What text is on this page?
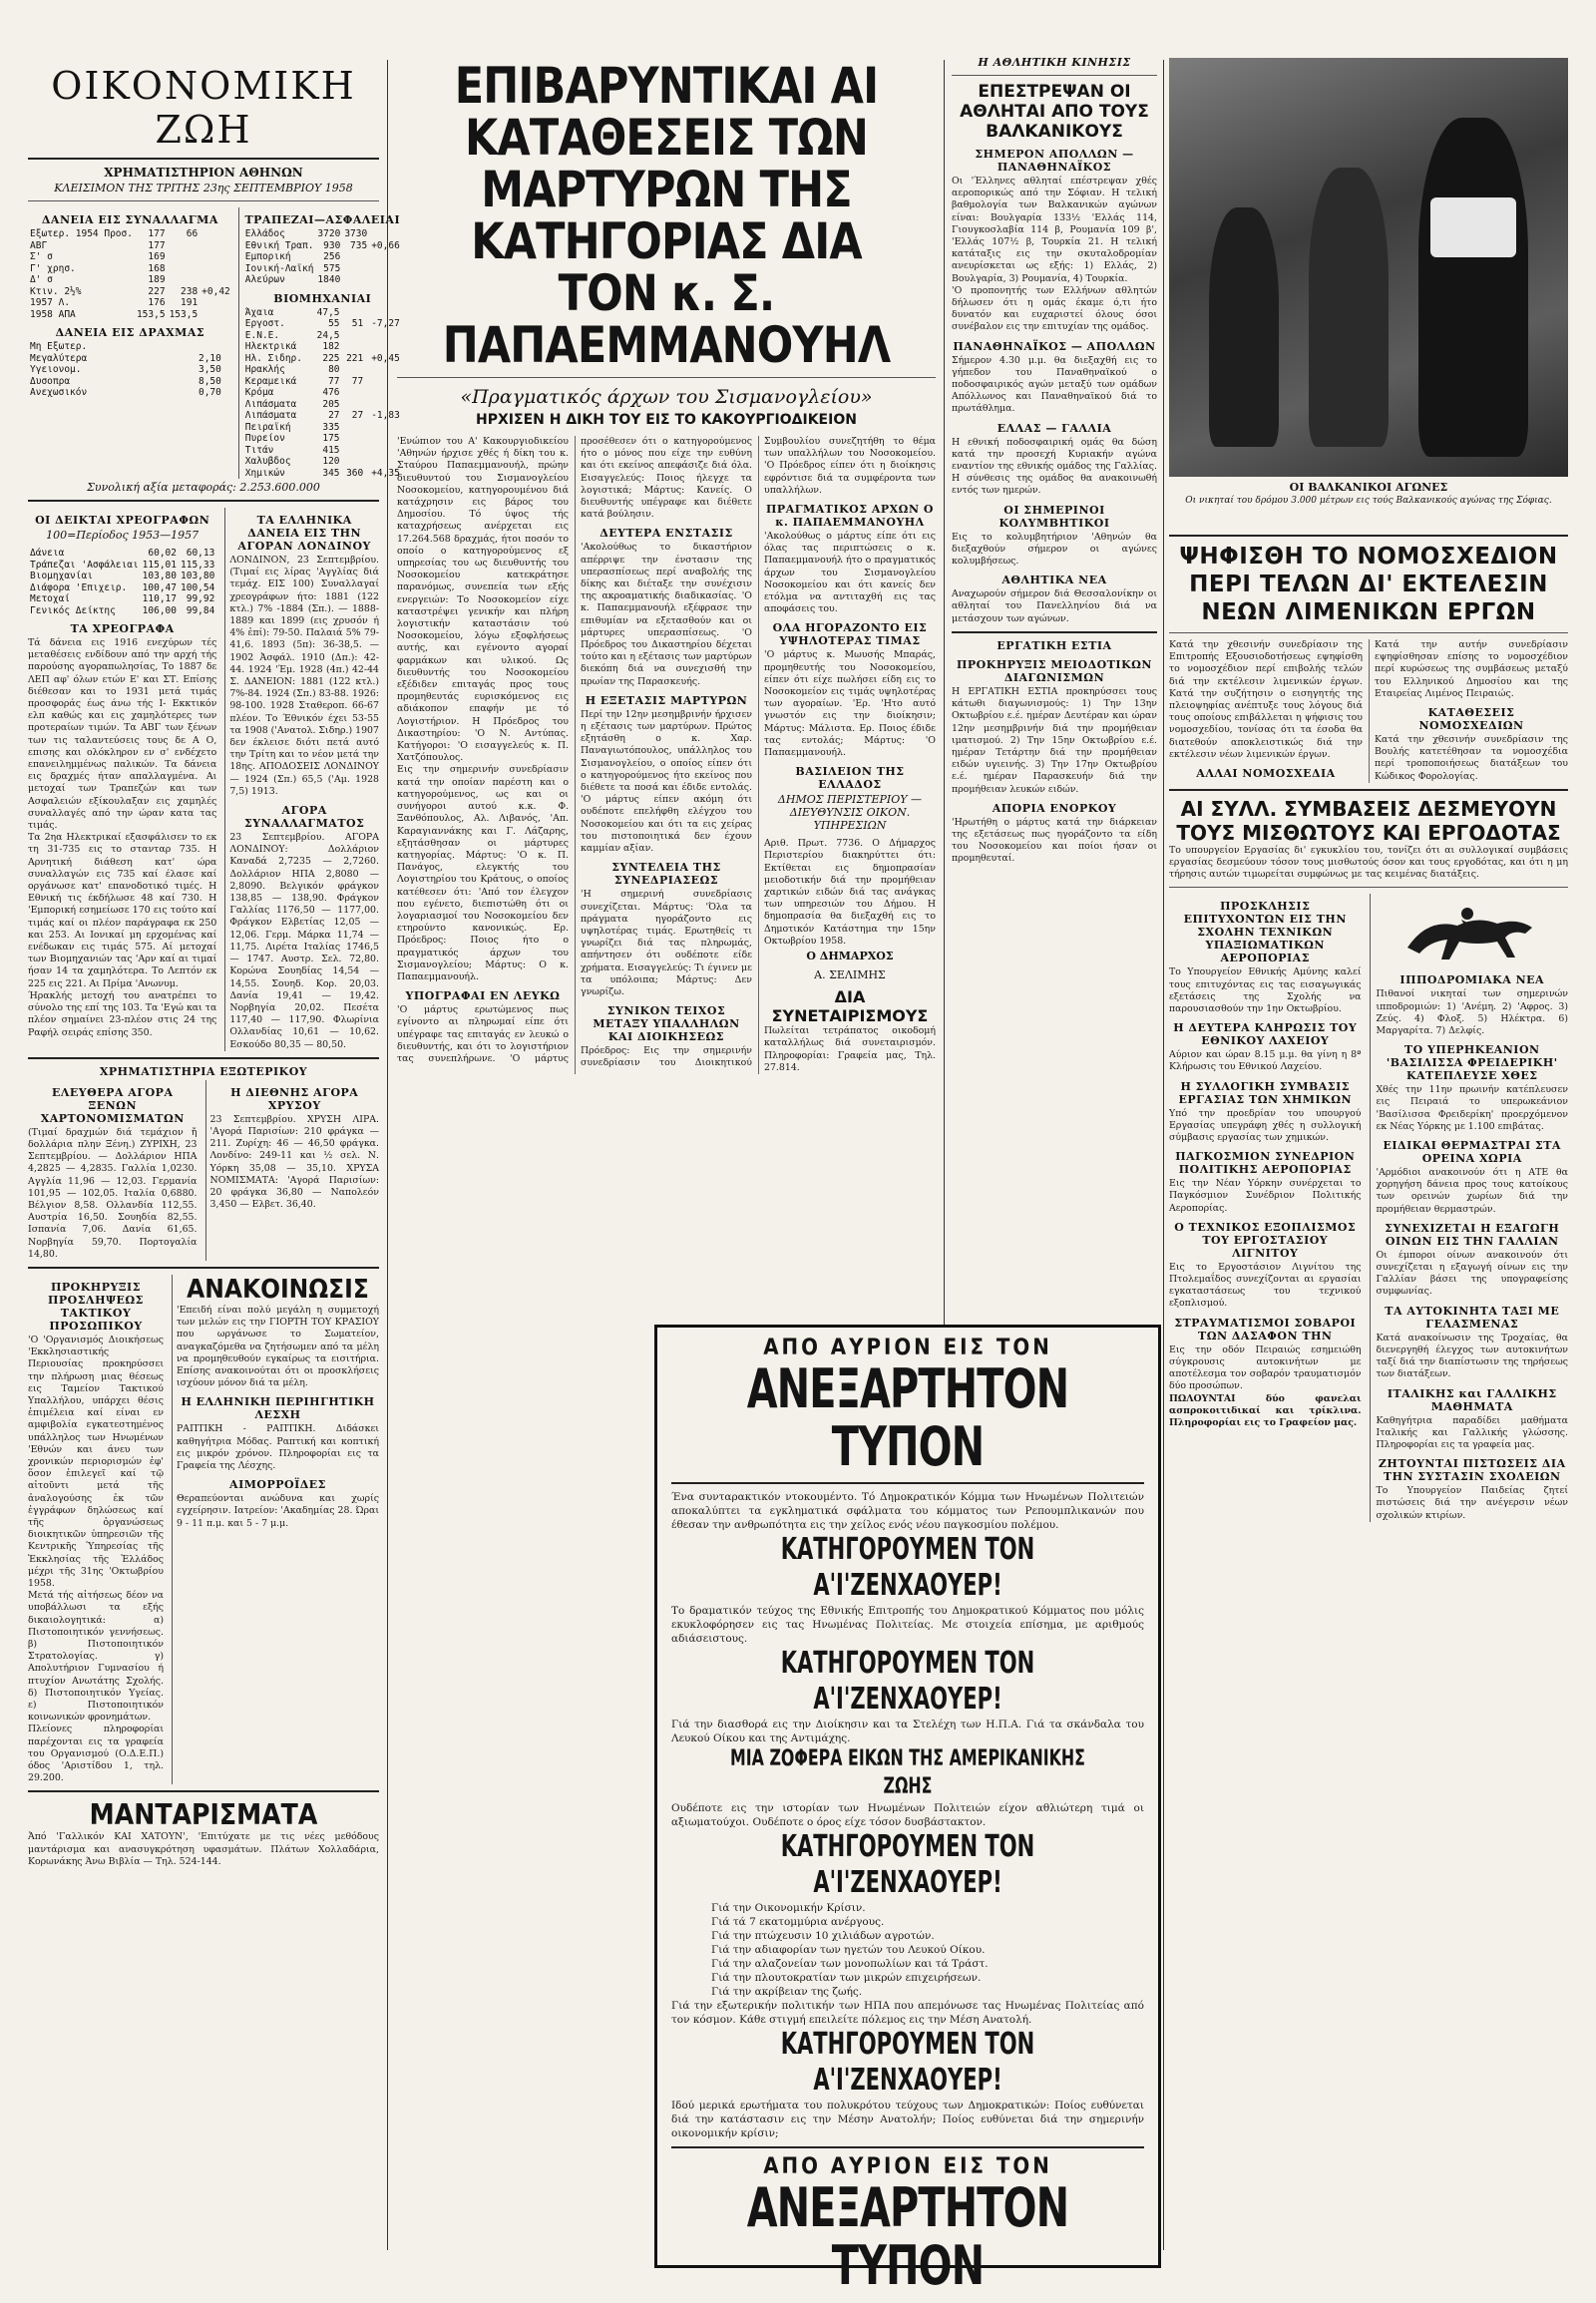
ΟΙΚΟΝΟΜΙΚΗ ΖΩΗ

ΧΡΗΜΑΤΙΣΤΗΡΙΟΝ ΑΘΗΝΩΝ

ΚΛΕΙΣΙΜΟΝ ΤΗΣ ΤΡΙΤΗΣ 23ης ΣΕΠΤΕΜΒΡΙΟΥ 1958

ΔΑΝΕΙΑ ΕΙΣ ΣΥΝΑΛΛΑΓΜΑ
Εξωτερ. 1954 Προσ.	177	66	
ΑΒΓ	177		
Σ' σ	169		
Γ' χρησ.	168		
Δ' σ	189		
Κτιν. 2½%	227	238	+0,42
1957 Λ.	176	191	
1958 ΑΠΑ	153,5	153,5	
ΔΑΝΕΙΑ ΕΙΣ ΔΡΑΧΜΑΣ
Μη Εξωτερ.		
Μεγαλύτερα	2,10	
Υγειονομ.	3,50	
Δυσοπρα	8,50	
Ανεχωσικόν	0,70	
ΤΡΑΠΕΖΑΙ—ΑΣΦΑΛΕΙΑΙ
Ελλάδος	3720	3730	
Εθνική Τραπ.	930	735	+0,66
Εμπορική	256		
Ιονική-Λαϊκή	575		
Αλεύρων	1840		
ΒΙΟΜΗΧΑΝΙΑΙ
Άχαια	47,5		
Εργοστ.	55	51	-7,27
Ε.Ν.Ε.	24,5		
Ηλεκτρικά	182		
Ηλ. Σιδηρ.	225	221	+0,45
Ηρακλής	80		
Κεραμεικά	77	77	
Κρόμα	476		
Λιπάσματα	205		
Λιπάσματα	27	27	-1,83
Πειραϊκή	335		
Πυρείον	175		
Τιτάν	415		
Χαλυβδος	120		
Χημικών	345	360	+4,35

Συνολική αξία μεταφοράς: 2.253.600.000

ΟΙ ΔΕΙΚΤΑΙ ΧΡΕΟΓΡΑΦΩΝ

100=Περίοδος 1953—1957

Δάνεια	60,02	60,13
Τράπεζαι 'Ασφάλειαι	115,01	115,33
Βιομηχανίαι	103,80	103,80
Διάφορα 'Επιχειρ.	100,47	100,54
Μετοχαί	110,17	99,92
Γενικός Δείκτης	106,00	99,84
ΤΑ ΧΡΕΟΓΡΑΦΑ

Τά δάνεια εις 1916 ενεχύρων τές μεταθέσεις ενδίδουν από την αρχή τής παρούσης αγοραπωλησίας, Το 1887 δε ΛΕΠ αφ' όλων ετών Ε' και ΣΤ. Επίσης διέθεσαν και το 1931 μετά τιμάς προσφοράς έως άνω τής Ι- Εκκτικόν ελπ καθώς και εις χαμηλότερες των προτεραίων τιμών. Τα ΑΒΓ των ξένων των τις ταλαντεύσεις τους δε Α Ο, επισης και ολόκληρον εν σ' ενδέχετο επανειλημμένως παλικών. Τα δάνεια εις δραχμές ήταν απαλλαγμένα. Αι μετοχαί των Τραπεζών και των Ασφαλειών εξίκουλαξαν εις χαμηλές συναλλαγές από την ώραν κατα τας τιμάς.

Τα 2ηα Ηλεκτρικαί εξασφάλισεν το εκ τη 31-735 εις το στανταρ 735. Η Αρνητική διάθεση κατ' ώρα συναλλαγών εις 735 καί έλασε καί οργάνωσε κατ' επανοδοτικό τιμές. Η Εθνική τις έκδήλωσε 48 καί 730. Η 'Εμπορική εσημείωσε 170 εις τούτο καί τιμάς καί οι πλέον παράγραφα εκ 250 και 253. Αι Ιονικαί μη ερχομένας καί ενέδωκαν εις τιμάς 575. Αί μετοχαί των Βιομηχανιών τας 'Αρν καί αι τιμαί ήσαν 14 τα χαμηλότερα. Το Λεπτόν εκ 225 εις 221. Αι Πρίμα 'Ανωνυμ.

Ήρακλής μετοχή του ανατρέπει το σύνολο της επί της 103. Τα 'Εγώ και τα πλέον σημαίνει 23-πλέον στις 24 της Ραφήλ σειράς επίσης 350.

ΤΑ ΕΛΛΗΝΙΚΑ ΔΑΝΕΙΑ ΕΙΣ ΤΗΝ ΑΓΟΡΑΝ ΛΟΝΔΙΝΟΥ

ΛΟΝΔΙΝΟΝ, 23 Σεπτεμβρίου. (Τιμαί εις λίρας 'Αγγλίας διά τεμάχ. ΕΙΣ 100) Συναλλαγαί χρεογράφων ήτο: 1881 (122 κτλ.) 7% -1884 (Σπ.). — 1888-1889 και 1899 (εις χρυσόν ή 4% ἐπί): 79-50. Παλαιά 5% 79-41,6. 1893 (5π): 36-38,5. — 1902 Ἀσφάλ. 1910 (Δπ.): 42-44. 1924 'Έμ. 1928 (4π.) 42-44 Σ. ΔΑΝΕΙΟΝ: 1881 (122 κτλ.) 7%-84. 1924 (Σπ.) 83-88. 1926: 98-100. 1928 Σταθεροπ. 66-67 πλέον. Το Έθνικόν έχει 53-55 τα 1908 ('Ανατολ. Σιδηρ.) 1907 δεν έκλεισε διότι πετά αυτό την Τρίτη και το νέον μετά την 18ης. ΑΠΟΔΟΣΕΙΣ ΛΟΝΔΙΝΟΥ — 1924 (Σπ.) 65,5 ('Αμ. 1928 7,5) 1913.

ΑΓΟΡΑ ΣΥΝΑΛΛΑΓΜΑΤΟΣ

23 Σεπτεμβρίου. ΑΓΟΡΑ ΛΟΝΔΙΝΟΥ: Δολλάριον Καναδά 2,7235 — 2,7260. Δολλάριον ΗΠΑ 2,8080 — 2,8090. Βελγικόν φράγκον 138,85 — 138,90. Φράγκον Γαλλίας 1176,50 — 1177,00. Φράγκον Ελβετίας 12,05 — 12,06. Γερμ. Μάρκα 11,74 — 11,75. Λιρέτα Ιταλίας 1746,5 — 1747. Αυστρ. Σελ. 72,80. Κορώνα Σουηδίας 14,54 — 14,55. Σουηδ. Κορ. 20,03. Δανία 19,41 — 19,42. Νορβηγία 20,02. Πεσέτα 117,40 — 117,90. Φλωρίνια Ολλανδίας 10,61 — 10,62. Εσκούδο 80,35 — 80,50.

ΧΡΗΜΑΤΙΣΤΗΡΙΑ ΕΞΩΤΕΡΙΚΟΥ
ΕΛΕΥΘΕΡΑ ΑΓΟΡΑ ΞΕΝΩΝ ΧΑΡΤΟΝΟΜΙΣΜΑΤΩΝ

(Τιμαί δραχμών διά τεμάχιον ἤ δολλάρια πλην Ξένη.) ΖΥΡΙΧΗ, 23 Σεπτεμβρίου. — Δολλάριον ΗΠΑ 4,2825 — 4,2835. Γαλλία 1,0230. Αγγλία 11,96 — 12,03. Γερμανία 101,95 — 102,05. Ιταλία 0,6880. Βέλγιον 8,58. Ολλανδία 112,55. Αυστρία 16,50. Σουηδία 82,55. Ισπανία 7,06. Δανία 61,65. Νορβηγία 59,70. Πορτογαλία 14,80.

Η ΔΙΕΘΝΗΣ ΑΓΟΡΑ ΧΡΥΣΟΥ

23 Σεπτεμβρίου. ΧΡΥΣΗ ΛΙΡΑ. 'Αγορά Παρισίων: 210 φράγκα — 211. Ζυρίχη: 46 — 46,50 φράγκα. Λονδίνο: 249-11 και ½ σελ. Ν. Υόρκη 35,08 — 35,10. ΧΡΥΣΑ ΝΟΜΙΣΜΑΤΑ: 'Αγορά Παρισίων: 20 φράγκα 36,80 — Ναπολεόν 3,450 — Ελβετ. 36,40.

ΠΡΟΚΗΡΥΞΙΣ ΠΡΟΣΛΗΨΕΩΣ ΤΑΚΤΙΚΟΥ ΠΡΟΣΩΠΙΚΟΥ

'Ο 'Οργανισμός Διοικήσεως 'Εκκλησιαστικής Περιουσίας προκηρύσσει την πλήρωση μιας θέσεως εις Ταμείον Τακτικού Υπαλλήλου, υπάρχει θέσις ἐπιμέλεια καί είναι εν αμφιβολία εγκατεστημένος υπάλληλος των Ηνωμένων 'Εθνών και άνευ των χρονικών περιορισμών ἐφ' ὅσον ἐπιλεγεῖ καί τῷ αἰτοῦντι μετά τῆς ἀναλογούσης ἐκ τῶν ἐγγράφων δηλώσεως καί τῆς ὀργανώσεως διοικητικῶν ὑπηρεσιῶν τῆς Κεντρικῆς Ὑπηρεσίας τῆς Ἐκκλησίας τῆς Ἑλλάδος μέχρι τῆς 31ης 'Οκτωβρίου 1958.

Μετά τής αἰτήσεως δέον να υποβάλλωσι τα εξής δικαιολογητικά: α) Πιστοποιητικόν γεννήσεως. β) Πιστοποιητικόν Στρατολογίας. γ) Απολυτήριον Γυμνασίου ή πτυχίον Ανωτάτης Σχολής. δ) Πιστοποιητικόν Υγείας. ε) Πιστοποιητικόν κοινωνικών φρονημάτων.

Πλείονες πληροφορίαι παρέχονται εις τα γραφεία του Οργανισμού (Ο.Δ.Ε.Π.) όδος 'Αριστίδου 1, τηλ. 29.200.

ΑΝΑΚΟΙΝΩΣΙΣ

'Επειδή είναι πολύ μεγάλη η συμμετοχή των μελών εις την ΓΙΟΡΤΗ ΤΟΥ ΚΡΑΣΙΟΥ που ωργάνωσε το Σωματείον, αναγκαζόμεθα να ζητήσωμεν από τα μέλη να προμηθευθούν εγκαίρως τα εισιτήρια. Επίσης ανακοινούται ότι οι προσκλήσεις ισχύουν μόνον διά τα μέλη.

Η ΕΛΛΗΝΙΚΗ ΠΕΡΙΗΓΗΤΙΚΗ ΛΕΣΧΗ

ΡΑΠΤΙΚΗ - ΡΑΠΤΙΚΗ. Διδάσκει καθηγήτρια Μόδας. Ραπτική και κοπτική εις μικρόν χρόνον. Πληροφορίαι εις τα Γραφεία της Λέσχης.

ΑΙΜΟΡΡΟΪΔΕΣ

Θεραπεύονται ανώδυνα και χωρίς εγχείρησιν. Ιατρείον: 'Ακαδημίας 28. Ώραι 9 - 11 π.μ. και 5 - 7 μ.μ.

ΜΑΝΤΑΡΙΣΜΑΤΑ

Ἀπό 'Γαλλικόν ΚΑΙ ΧΑΤΟΥΝ', 'Επιτύχατε με τις νέες μεθόδους μαντάρισμα και ανασυγκρότηση υφασμάτων. Πλάτων Χολλαδάρια, Κορωνάκης Άνω Βιβλία — Τηλ. 524-144.

ΕΠΙΒΑΡΥΝΤΙΚΑΙ ΑΙ ΚΑΤΑΘΕΣΕΙΣ ΤΩΝ ΜΑΡΤΥΡΩΝ ΤΗΣ ΚΑΤΗΓΟΡΙΑΣ ΔΙΑ ΤΟΝ κ. Σ. ΠΑΠΑΕΜΜΑΝΟΥΗΛ
«Πραγματικός άρχων του Σισμανογλείου»
ΗΡΧΙΣΕΝ Η ΔΙΚΗ ΤΟΥ ΕΙΣ ΤΟ ΚΑΚΟΥΡΓΙΟΔΙΚΕΙΟΝ

'Ενώπιον του Α' Κακουργιοδικείου 'Αθηνών ήρχισε χθές ή δίκη του κ. Σταύρου Παπαεμμανουήλ, πρώην διευθυντού του Σισμανογλείου Νοσοκομείου, κατηγορουμένου διά κατάχρησιν εις βάρος του Δημοσίου. Τό ύψος τής καταχρήσεως ανέρχεται εις 17.264.568 δραχμάς, ήτοι ποσόν το οποίο ο κατηγορούμενος εξ υπηρεσίας του ως διευθυντής του Νοσοκομείου κατεκράτησε παρανόμως, συνεπεία των εξής ενεργειών: Το Νοσοκομείον είχε καταστρέψει γενικήν και πλήρη λογιστικήν καταστάσιν τού Νοσοκομείου, λόγω εξοφλήσεως αυτής, και εγένοντο αγοραί φαρμάκων και υλικού. Ως διευθυντής του Νοσοκομείου εξέδιδεν επιταγάς προς τους προμηθευτάς ευρισκόμενος εις αδιάκοπον επαφήν με τό Λογιστήριον. Η Πρόεδρος του Δικαστηρίου: 'Ο Ν. Αντύπας. Κατήγοροι: 'Ο εισαγγελεύς κ. Π. Χατζόπουλος.

Εις την σημερινήν συνεδρίασιν κατά την οποίαν παρέστη και ο κατηγορούμενος, ως και οι συνήγοροι αυτού κ.κ. Φ. Ξανθόπουλος, Αλ. Λιβανός, 'Απ. Καραγιαννάκης και Γ. Λάζαρης, εξητάσθησαν οι μάρτυρες κατηγορίας. Μάρτυς: 'Ο κ. Π. Πανάγος, ελεγκτής του Λογιστηρίου του Κράτους, ο οποίος κατέθεσεν ότι: 'Από τον έλεγχον που εγένετο, διεπιστώθη ότι οι λογαριασμοί του Νοσοκομείου δεν ετηρούντο κανονικώς. Ερ. Πρόεδρος: Ποιος ήτο ο πραγματικός άρχων του Σισμανογλείου; Μάρτυς: Ο κ. Παπαεμμανουήλ.

ΥΠΟΓΡΑΦΑΙ ΕΝ ΛΕΥΚΩ

'Ο μάρτυς ερωτώμενος πως εγίνοντο αι πληρωμαί είπε ότι υπέγραφε τας επιταγάς εν λευκώ ο διευθυντής, και ότι το λογιστήριον τας συνεπλήρωνε. 'Ο μάρτυς προσέθεσεν ότι ο κατηγορούμενος ήτο ο μόνος που είχε την ευθύνη και ότι εκείνος απεφάσιζε διά όλα. Εισαγγελεύς: Ποιος ήλεγχε τα λογιστικά; Μάρτυς: Κανείς. Ο διευθυντής υπέγραφε και διέθετε κατά βούλησιν.

ΔΕΥΤΕΡΑ ΕΝΣΤΑΣΙΣ

'Ακολούθως το δικαστήριον απέρριψε την ένστασιν της υπερασπίσεως περί αναβολής της δίκης και διέταξε την συνέχισιν της ακροαματικής διαδικασίας. 'Ο κ. Παπαεμμανουήλ εξέφρασε την επιθυμίαν να εξετασθούν και οι μάρτυρες υπερασπίσεως. 'Ο Πρόεδρος του Δικαστηρίου δέχεται τούτο και η εξέτασις των μαρτύρων διεκόπη διά να συνεχισθή την πρωίαν της Παρασκευής.

Η ΕΞΕΤΑΣΙΣ ΜΑΡΤΥΡΩΝ

Περί την 12ην μεσημβρινήν ήρχισεν η εξέτασις των μαρτύρων. Πρώτος εξητάσθη ο κ. Χαρ. Παναγιωτόπουλος, υπάλληλος του Σισμανογλείου, ο οποίος είπεν ότι ο κατηγορούμενος ήτο εκείνος που διέθετε τα ποσά και έδιδε εντολάς. 'Ο μάρτυς είπεν ακόμη ότι ουδέποτε επελήφθη ελέγχου του Νοσοκομείου και ότι τα εις χείρας του πιστοποιητικά δεν έχουν καμμίαν αξίαν.

ΣΥΝΤΕΛΕΙΑ ΤΗΣ ΣΥΝΕΔΡΙΑΣΕΩΣ

'Η σημερινή συνεδρίασις συνεχίζεται. Μάρτυς: 'Όλα τα πράγματα ηγοράζοντο εις υψηλοτέρας τιμάς. Ερωτηθείς τι γνωρίζει διά τας πληρωμάς, απήντησεν ότι ουδέποτε είδε χρήματα. Εισαγγελεύς: Τι έγινεν με τα υπόλοιπα; Μάρτυς: Δεν γνωρίζω.

ΣΥΝΙΚΟΝ ΤΕΙΧΟΣ ΜΕΤΑΞΥ ΥΠΑΛΛΗΛΩΝ ΚΑΙ ΔΙΟΙΚΗΣΕΩΣ

Πρόεδρος: Εις την σημερινήν συνεδρίασιν του Διοικητικού Συμβουλίου συνεζητήθη το θέμα των υπαλλήλων του Νοσοκομείου. 'Ο Πρόεδρος είπεν ότι η διοίκησις εφρόντισε διά τα συμφέροντα των υπαλλήλων.

ΠΡΑΓΜΑΤΙΚΟΣ ΑΡΧΩΝ Ο κ. ΠΑΠΑΕΜΜΑΝΟΥΗΛ

'Ακολούθως ο μάρτυς είπε ότι εις όλας τας περιπτώσεις ο κ. Παπαεμμανουήλ ήτο ο πραγματικός άρχων του Σισμανογλείου Νοσοκομείου και ότι κανείς δεν ετόλμα να αντιταχθή εις τας αποφάσεις του.

ΟΛΑ ΗΓΟΡΑΖΟΝΤΟ ΕΙΣ ΥΨΗΛΟΤΕΡΑΣ ΤΙΜΑΣ

'Ο μάρτυς κ. Μωυσής Μπαράς, προμηθευτής του Νοσοκομείου, είπεν ότι είχε πωλήσει είδη εις το Νοσοκομείον εις τιμάς υψηλοτέρας των αγοραίων. 'Ερ. 'Ητο αυτό γνωστόν εις την διοίκησιν; Μάρτυς: Μάλιστα. Ερ. Ποιος έδιδε τας εντολάς; Μάρτυς: 'Ο Παπαεμμανουήλ.

ΒΑΣΙΛΕΙΟΝ ΤΗΣ ΕΛΛΑΔΟΣ

ΔΗΜΟΣ ΠΕΡΙΣΤΕΡΙΟΥ — ΔΙΕΥΘΥΝΣΙΣ ΟΙΚΟΝ. ΥΠΗΡΕΣΙΩΝ

Αριθ. Πρωτ. 7736. Ο Δήμαρχος Περιστερίου διακηρύττει ότι: Εκτίθεται εις δημοπρασίαν μειοδοτικήν διά την προμήθειαν χαρτικών ειδών διά τας ανάγκας των υπηρεσιών του Δήμου. Η δημοπρασία θα διεξαχθή εις το Δημοτικόν Κατάστημα την 15ην Οκτωβρίου 1958.

Ο ΔΗΜΑΡΧΟΣ

Α. ΣΕΛΙΜΗΣ

ΔΙΑ ΣΥΝΕΤΑΙΡΙΣΜΟΥΣ

Πωλείται τετράπατος οικοδομή καταλλήλως διά συνεταιρισμόν. Πληροφορίαι: Γραφεία μας, Τηλ. 27.814.

Η ΑΘΛΗΤΙΚΗ ΚΙΝΗΣΙΣ
ΕΠΕΣΤΡΕΨΑΝ ΟΙ ΑΘΛΗΤΑΙ ΑΠΟ ΤΟΥΣ ΒΑΛΚΑΝΙΚΟΥΣ
ΣΗΜΕΡΟΝ ΑΠΟΛΛΩΝ — ΠΑΝΑΘΗΝΑΪΚΟΣ

Οι 'Έλληνες αθληταί επέστρεψαν χθές αεροπορικώς από την Σόφιαν. Η τελική βαθμολογία των Βαλκανικών αγώνων είναι: Βουλγαρία 133½ 'Ελλάς 114, Γιουγκοσλαβία 114 β, Ρουμανία 109 β', 'Ελλάς 107½ β, Τουρκία 21. Η τελική κατάταξις εις την σκυταλοδρομίαν ανευρίσκεται ως εξής: 1) Ελλάς, 2) Βουλγαρία, 3) Ρουμανία, 4) Τουρκία.

'Ο προπονητής των Ελλήνων αθλητών δήλωσεν ότι η ομάς έκαμε ό,τι ήτο δυνατόν και ευχαριστεί όλους όσοι συνέβαλον εις την επιτυχίαν της ομάδος.

ΠΑΝΑΘΗΝΑΪΚΟΣ — ΑΠΟΛΛΩΝ

Σήμερον 4.30 μ.μ. θα διεξαχθή εις το γήπεδον του Παναθηναϊκού ο ποδοσφαιρικός αγών μεταξύ των ομάδων Απόλλωνος και Παναθηναϊκού διά το πρωτάθλημα.

ΕΛΛΑΣ — ΓΑΛΛΙΑ

Η εθνική ποδοσφαιρική ομάς θα δώση κατά την προσεχή Κυριακήν αγώνα εναντίον της εθνικής ομάδος της Γαλλίας. Η σύνθεσις της ομάδος θα ανακοινωθή εντός των ημερών.

ΟΙ ΣΗΜΕΡΙΝΟΙ ΚΟΛΥΜΒΗΤΙΚΟΙ

Εις το κολυμβητήριον 'Αθηνών θα διεξαχθούν σήμερον οι αγώνες κολυμβήσεως.

ΑΘΛΗΤΙΚΑ ΝΕΑ

Αναχωρούν σήμερον διά Θεσσαλονίκην οι αθληταί του Πανελληνίου διά να μετάσχουν των αγώνων.

ΕΡΓΑΤΙΚΗ ΕΣΤΙΑ
ΠΡΟΚΗΡΥΞΙΣ ΜΕΙΟΔΟΤΙΚΩΝ ΔΙΑΓΩΝΙΣΜΩΝ

Η ΕΡΓΑΤΙΚΗ ΕΣΤΙΑ προκηρύσσει τους κάτωθι διαγωνισμούς: 1) Την 13ην Οκτωβρίου ε.έ. ημέραν Δευτέραν και ώραν 12ην μεσημβρινήν διά την προμήθειαν ιματισμού. 2) Την 15ην Οκτωβρίου ε.έ. ημέραν Τετάρτην διά την προμήθειαν ειδών υγιεινής. 3) Την 17ην Οκτωβρίου ε.έ. ημέραν Παρασκευήν διά την προμήθειαν λευκών ειδών.

ΑΠΟΡΙΑ ΕΝΟΡΚΟΥ

'Ηρωτήθη ο μάρτυς κατά την διάρκειαν της εξετάσεως πως ηγοράζοντο τα είδη του Νοσοκομείου και ποίοι ήσαν οι προμηθευταί.

ΟΙ ΒΑΛΚΑΝΙΚΟΙ ΑΓΩΝΕΣ

Οι νικηταί του δρόμου 3.000 μέτρων εις τούς Βαλκανικούς αγώνας της Σόφιας.

ΨΗΦΙΣΘΗ ΤΟ ΝΟΜΟΣΧΕΔΙΟΝ ΠΕΡΙ ΤΕΛΩΝ ΔΙ' ΕΚΤΕΛΕΣΙΝ ΝΕΩΝ ΛΙΜΕΝΙΚΩΝ ΕΡΓΩΝ

Κατά την χθεσινήν συνεδρίασιν της Επιτροπής Εξουσιοδοτήσεως εψηφίσθη το νομοσχέδιον περί επιβολής τελών διά την εκτέλεσιν λιμενικών έργων. Κατά την συζήτησιν ο εισηγητής της πλειοψηφίας ανέπτυξε τους λόγους διά τους οποίους επιβάλλεται η ψήφισις του νομοσχεδίου, τονίσας ότι τα έσοδα θα διατεθούν αποκλειστικώς διά την εκτέλεσιν νέων λιμενικών έργων.

ΑΛΛΑΙ ΝΟΜΟΣΧΕΔΙΑ

Κατά την αυτήν συνεδρίασιν εψηφίσθησαν επίσης το νομοσχέδιον περί κυρώσεως της συμβάσεως μεταξύ του Ελληνικού Δημοσίου και της Εταιρείας Λιμένος Πειραιώς.

ΚΑΤΑΘΕΣΕΙΣ ΝΟΜΟΣΧΕΔΙΩΝ

Κατά την χθεσινήν συνεδρίασιν της Βουλής κατετέθησαν τα νομοσχέδια περί τροποποιήσεως διατάξεων του Κώδικος Φορολογίας.

ΑΙ ΣΥΛΛ. ΣΥΜΒΑΣΕΙΣ ΔΕΣΜΕΥΟΥΝ ΤΟΥΣ ΜΙΣΘΩΤΟΥΣ ΚΑΙ ΕΡΓΟΔΟΤΑΣ

Το υπουργείον Εργασίας δι' εγκυκλίου του, τονίζει ότι αι συλλογικαί συμβάσεις εργασίας δεσμεύουν τόσον τους μισθωτούς όσον και τους εργοδότας, και ότι η μη τήρησις αυτών τιμωρείται συμφώνως με τας κειμένας διατάξεις.

ΠΡΟΣΚΛΗΣΙΣ ΕΠΙΤΥΧΟΝΤΩΝ ΕΙΣ ΤΗΝ ΣΧΟΛΗΝ ΤΕΧΝΙΚΩΝ ΥΠΑΞΙΩΜΑΤΙΚΩΝ ΑΕΡΟΠΟΡΙΑΣ

Το Υπουργείον Εθνικής Αμύνης καλεί τους επιτυχόντας εις τας εισαγωγικάς εξετάσεις της Σχολής να παρουσιασθούν την 1ην Οκτωβρίου.

Η ΔΕΥΤΕΡΑ ΚΛΗΡΩΣΙΣ ΤΟΥ ΕΘΝΙΚΟΥ ΛΑΧΕΙΟΥ

Αύριον και ώραν 8.15 μ.μ. θα γίνη η 8ª Κλήρωσις του Εθνικού Λαχείου.

Η ΣΥΛΛΟΓΙΚΗ ΣΥΜΒΑΣΙΣ ΕΡΓΑΣΙΑΣ ΤΩΝ ΧΗΜΙΚΩΝ

Υπό την προεδρίαν του υπουργού Εργασίας υπεγράφη χθές η συλλογική σύμβασις εργασίας των χημικών.

ΠΑΓΚΟΣΜΙΟΝ ΣΥΝΕΔΡΙΟΝ ΠΟΛΙΤΙΚΗΣ ΑΕΡΟΠΟΡΙΑΣ

Εις την Νέαν Υόρκην συνέρχεται το Παγκόσμιον Συνέδριον Πολιτικής Αεροπορίας.

Ο ΤΕΧΝΙΚΟΣ ΕΞΟΠΛΙΣΜΟΣ ΤΟΥ ΕΡΓΟΣΤΑΣΙΟΥ ΛΙΓΝΙΤΟΥ

Εις το Εργοστάσιον Λιγνίτου της Πτολεμαΐδος συνεχίζονται αι εργασίαι εγκαταστάσεως του τεχνικού εξοπλισμού.

ΣΤΡΑΥΜΑΤΙΣΜΟΙ ΣΟΒΑΡΟΙ ΤΩΝ ΔΑΣΑΦΟΝ ΤΗΝ

Εις την οδόν Πειραιώς εσημειώθη σύγκρουσις αυτοκινήτων με αποτέλεσμα τον σοβαρόν τραυματισμόν δύο προσώπων.

ΠΩΛΟΥΝΤΑΙ δύο φανελαι ασπροκοιτιδικαί και τρίκλινα. Πληροφορίαι εις το Γραφείον μας.

ΙΠΠΟΔΡΟΜΙΑΚΑ ΝΕΑ

Πιθανοί νικηταί των σημερινών ιπποδρομιών: 1) 'Ανέμη. 2) 'Αφρος. 3) Ζεύς. 4) Φλοξ. 5) Ηλέκτρα. 6) Μαργαρίτα. 7) Δελφίς.

ΤΟ ΥΠΕΡΗΚΕΑΝΙΟΝ 'ΒΑΣΙΛΙΣΣΑ ΦΡΕΙΔΕΡΙΚΗ' ΚΑΤΕΠΛΕΥΣΕ ΧΘΕΣ

Χθές την 11ην πρωινήν κατέπλευσεν εις Πειραιά το υπερωκεάνιον 'Βασίλισσα Φρειδερίκη' προερχόμενον εκ Νέας Υόρκης με 1.100 επιβάτας.

ΕΙΔΙΚΑΙ ΘΕΡΜΑΣΤΡΑΙ ΣΤΑ ΟΡΕΙΝΑ ΧΩΡΙΑ

'Αρμόδιοι ανακοινούν ότι η ΑΤΕ θα χορηγήση δάνεια προς τους κατοίκους των ορεινών χωρίων διά την προμήθειαν θερμαστρών.

ΣΥΝΕΧΙΖΕΤΑΙ Η ΕΞΑΓΩΓΗ ΟΙΝΩΝ ΕΙΣ ΤΗΝ ΓΑΛΛΙΑΝ

Οι έμποροι οίνων ανακοινούν ότι συνεχίζεται η εξαγωγή οίνων εις την Γαλλίαν βάσει της υπογραφείσης συμφωνίας.

ΤΑ ΑΥΤΟΚΙΝΗΤΑ ΤΑΞΙ ΜΕ ΓΕΛΑΣΜΕΝΑΣ

Κατά ανακοίνωσιν της Τροχαίας, θα διενεργηθή έλεγχος των αυτοκινήτων ταξί διά την διαπίστωσιν της τηρήσεως των διατάξεων.

ΙΤΑΛΙΚΗΣ και ΓΑΛΛΙΚΗΣ ΜΑΘΗΜΑΤΑ

Καθηγήτρια παραδίδει μαθήματα Ιταλικής και Γαλλικής γλώσσης. Πληροφορίαι εις τα γραφεία μας.

ΖΗΤΟΥΝΤΑΙ ΠΙΣΤΩΣΕΙΣ ΔΙΑ ΤΗΝ ΣΥΣΤΑΣΙΝ ΣΧΟΛΕΙΩΝ

Το Υπουργείον Παιδείας ζητεί πιστώσεις διά την ανέγερσιν νέων σχολικών κτιρίων.

ΑΠΟ ΑΥΡΙΟΝ ΕΙΣ ΤΟΝ
ΑΝΕΞΑΡΤΗΤΟΝ ΤΥΠΟΝ

Ένα συνταρακτικόν ντοκουμέντο. Τό Δημοκρατικόν Κόμμα των Ηνωμένων Πολιτειών αποκαλύπτει τα εγκληματικά σφάλματα του κόμματος των Ρεπουμπλικανών που έθεσαν την ανθρωπότητα εις την χείλος ενός νέου παγκοσμίου πολέμου.

ΚΑΤΗΓΟΡΟΥΜΕΝ ΤΟΝ Α'Ι'ΖΕΝΧΑΟΥΕΡ!

Το δραματικόν τεύχος της Εθνικής Επιτροπής του Δημοκρατικού Κόμματος που μόλις εκυκλοφόρησεν εις τας Ηνωμένας Πολιτείας. Με στοιχεία επίσημα, με αριθμούς αδιάσειστους.

ΚΑΤΗΓΟΡΟΥΜΕΝ ΤΟΝ Α'Ι'ΖΕΝΧΑΟΥΕΡ!

Γιά την διασθορά εις την Διοίκησιν και τα Στελέχη των Η.Π.Α. Γιά τα σκάνδαλα του Λευκού Οίκου και της Αντιμάχης.

ΜΙΑ ΖΟΦΕΡΑ ΕΙΚΩΝ ΤΗΣ ΑΜΕΡΙΚΑΝΙΚΗΣ ΖΩΗΣ

Ουδέποτε εις την ιστορίαν των Ηνωμένων Πολιτειών είχον αθλιώτερη τιμά οι αξιωματούχοι. Ουδέποτε ο όρος είχε τόσον δυσβάστακτον.

ΚΑΤΗΓΟΡΟΥΜΕΝ ΤΟΝ Α'Ι'ΖΕΝΧΑΟΥΕΡ!

Γιά την Οικονομικήν Κρίσιν.

Γιά τά 7 εκατομμύρια ανέργους.

Γιά την πτώχευσιν 10 χιλιάδων αγροτών.

Γιά την αδιαφορίαν των ηγετών του Λευκού Οίκου.

Γιά την αλαζονείαν των μονοπωλίων και τά Τράστ.

Γιά την πλουτοκρατίαν των μικρών επιχειρήσεων.

Γιά την ακρίβειαν της ζωής.

Γιά την εξωτερικήν πολιτικήν των ΗΠΑ που απεμόνωσε τας Ηνωμένας Πολιτείας από τον κόσμον. Κάθε στιγμή επειλείτε πόλεμος εις την Μέση Ανατολή.

ΚΑΤΗΓΟΡΟΥΜΕΝ ΤΟΝ Α'Ι'ΖΕΝΧΑΟΥΕΡ!

Ιδού μερικά ερωτήματα του πολυκρότου τεύχους των Δημοκρατικών: Ποίος ευθύνεται διά την κατάστασιν εις την Μέσην Ανατολήν; Ποίος ευθύνεται διά την σημερινήν οικονομικήν κρίσιν;

ΑΠΟ ΑΥΡΙΟΝ ΕΙΣ ΤΟΝ
ΑΝΕΞΑΡΤΗΤΟΝ ΤΥΠΟΝ
